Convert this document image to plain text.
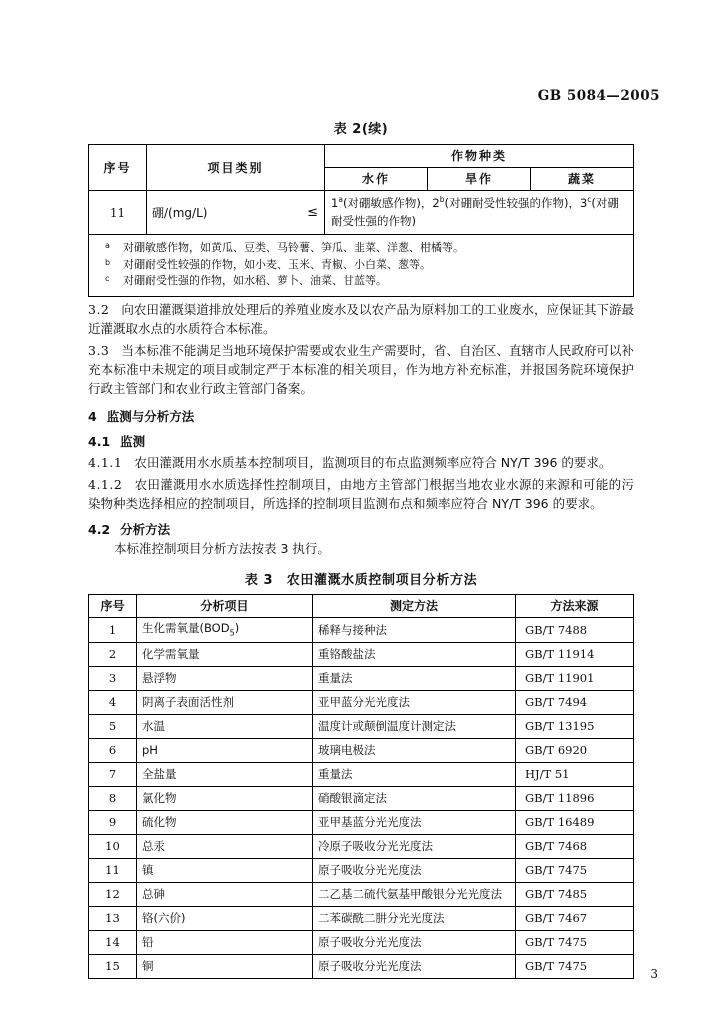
GB 5084—2005
表 2(续)
序号	项目类别	作物种类		
		水作	旱作	蔬菜
11	硼/(mg/L) ≤	$1^a$(对硼敏感作物)，2$^b$(对硼耐受性较强的作物)，3$^c$(对硼耐受性强的作物)		
a	对硼敏感作物，如黄瓜、豆类、马铃薯、笋瓜、韭菜、洋葱、柑橘等。
b	对硼耐受性较强的作物，如小麦、玉米、青椒、小白菜、葱等。
c	对硼耐受性强的作物，如水稻、萝卜、油菜、甘蓝等。

3.2 向农田灌溉渠道排放处理后的养殖业废水及以农产品为原料加工的工业废水，应保证其下游最近灌溉取水点的水质符合本标准。

3.3 当本标准不能满足当地环境保护需要或农业生产需要时，省、自治区、直辖市人民政府可以补充本标准中未规定的项目或制定严于本标准的相关项目，作为地方补充标准，并报国务院环境保护行政主管部门和农业行政主管部门备案。

4 监测与分析方法

4.1 监测

4.1.1 农田灌溉用水水质基本控制项目，监测项目的布点监测频率应符合 NY/T 396 的要求。

4.1.2 农田灌溉用水水质选择性控制项目，由地方主管部门根据当地农业水源的来源和可能的污染物种类选择相应的控制项目，所选择的控制项目监测布点和频率应符合 NY/T 396 的要求。

4.2 分析方法

本标准控制项目分析方法按表 3 执行。

表 3　农田灌溉水质控制项目分析方法
序号	分析项目	测定方法	方法来源
1	生化需氧量$(BOD_5)$	稀释与接种法	GB/T 7488
2	化学需氧量	重铬酸盐法	GB/T 11914
3	悬浮物	重量法	GB/T 11901
4	阴离子表面活性剂	亚甲蓝分光光度法	GB/T 7494
5	水温	温度计或颠倒温度计测定法	GB/T 13195
6	pH	玻璃电极法	GB/T 6920
7	全盐量	重量法	HJ/T 51
8	氯化物	硝酸银滴定法	GB/T 11896
9	硫化物	亚甲基蓝分光光度法	GB/T 16489
10	总汞	冷原子吸收分光光度法	GB/T 7468
11	镇	原子吸收分光光度法	GB/T 7475
12	总砷	二乙基二硫代氨基甲酸银分光光度法	GB/T 7485
13	铬(六价)	二苯碳酰二肼分光光度法	GB/T 7467
14	铅	原子吸收分光光度法	GB/T 7475
15	铜	原子吸收分光光度法	GB/T 7475
3
